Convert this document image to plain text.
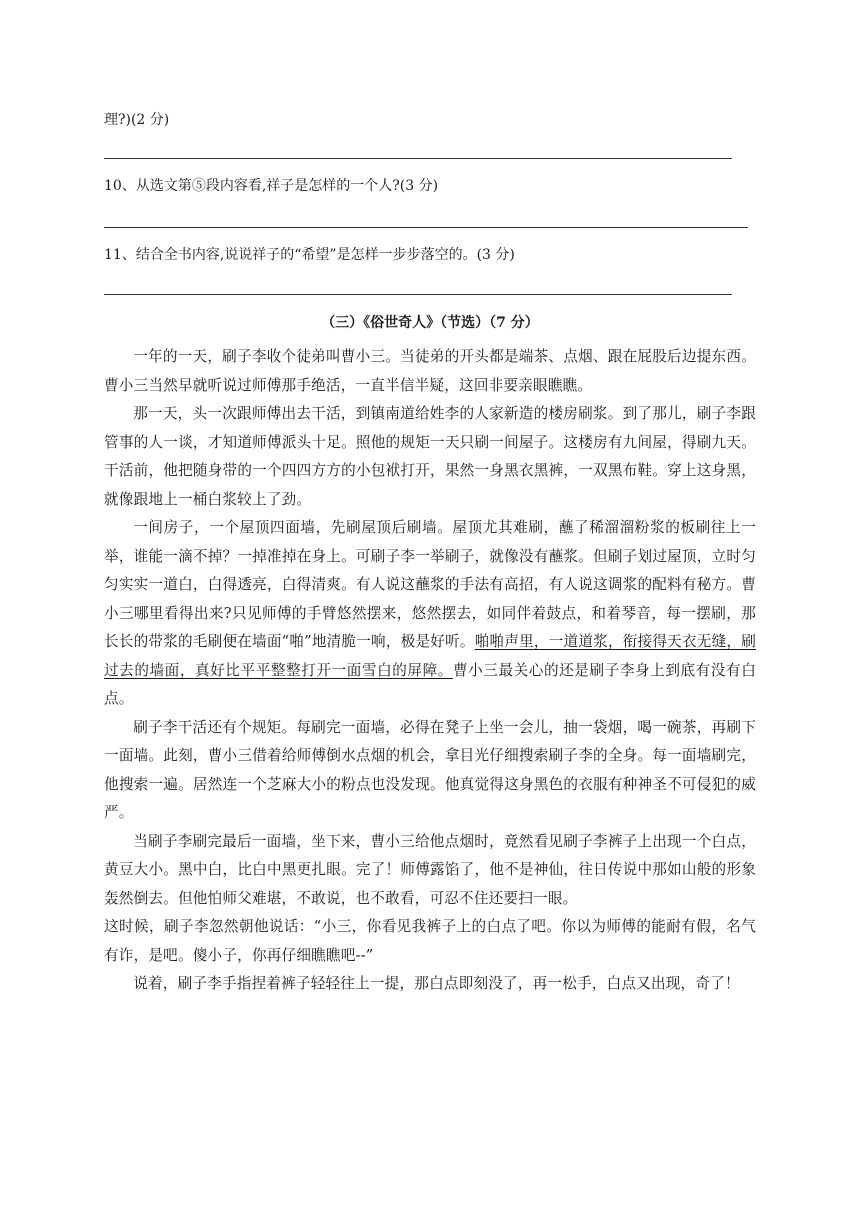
理?)(2 分)
10、从选文第⑤段内容看,祥子是怎样的一个人?(3 分)
11、结合全书内容,说说祥子的“希望”是怎样一步步落空的。(3 分)
（三）《俗世奇人》（节选）（7 分）

一年的一天，刷子李收个徒弟叫曹小三。当徒弟的开头都是端茶、点烟、跟在屁股后边提东西。曹小三当然早就听说过师傅那手绝活，一直半信半疑，这回非要亲眼瞧瞧。

那一天，头一次跟师傅出去干活，到镇南道给姓李的人家新造的楼房刷浆。到了那儿，刷子李跟管事的人一谈，才知道师傅派头十足。照他的规矩一天只刷一间屋子。这楼房有九间屋，得刷九天。干活前，他把随身带的一个四四方方的小包袱打开，果然一身黑衣黑裤，一双黑布鞋。穿上这身黑，就像跟地上一桶白浆较上了劲。

一间房子，一个屋顶四面墙，先刷屋顶后刷墙。屋顶尤其难刷，蘸了稀溜溜粉浆的板刷往上一举，谁能一滴不掉？一掉准掉在身上。可刷子李一举刷子，就像没有蘸浆。但刷子划过屋顶，立时匀匀实实一道白，白得透亮，白得清爽。有人说这蘸浆的手法有高招，有人说这调浆的配料有秘方。曹小三哪里看得出来?只见师傅的手臂悠然摆来，悠然摆去，如同伴着鼓点，和着琴音，每一摆刷，那长长的带浆的毛刷便在墙面“啪”地清脆一响，极是好听。啪啪声里，一道道浆，衔接得天衣无缝，刷过去的墙面，真好比平平整整打开一面雪白的屏障。曹小三最关心的还是刷子李身上到底有没有白点。

刷子李干活还有个规矩。每刷完一面墙，必得在凳子上坐一会儿，抽一袋烟，喝一碗茶，再刷下一面墙。此刻，曹小三借着给师傅倒水点烟的机会，拿目光仔细搜索刷子李的全身。每一面墙刷完，他搜索一遍。居然连一个芝麻大小的粉点也没发现。他真觉得这身黑色的衣服有种神圣不可侵犯的威严。

当刷子李刷完最后一面墙，坐下来，曹小三给他点烟时，竟然看见刷子李裤子上出现一个白点，黄豆大小。黑中白，比白中黑更扎眼。完了！师傅露馅了，他不是神仙，往日传说中那如山般的形象轰然倒去。但他怕师父难堪，不敢说，也不敢看，可忍不住还要扫一眼。

这时候，刷子李忽然朝他说话：“小三，你看见我裤子上的白点了吧。你以为师傅的能耐有假，名气有诈，是吧。傻小子，你再仔细瞧瞧吧--”

说着，刷子李手指捏着裤子轻轻往上一提，那白点即刻没了，再一松手，白点又出现，奇了！
